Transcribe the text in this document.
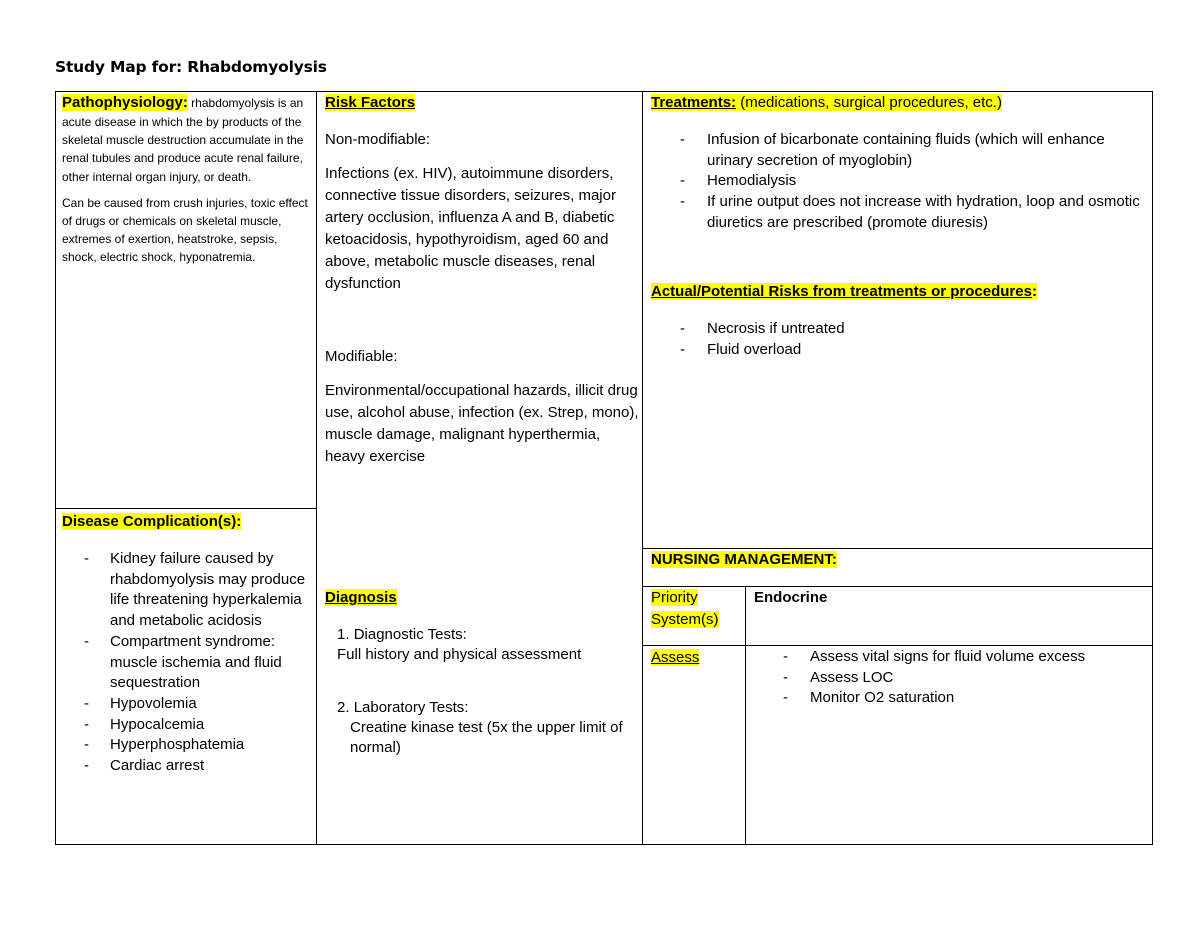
Study Map for: Rhabdomyolysis

Pathophysiology: rhabdomyolysis is an acute disease in which the by products of the skeletal muscle destruction accumulate in the renal tubules and produce acute renal failure, other internal organ injury, or death.

Can be caused from crush injuries, toxic effect of drugs or chemicals on skeletal muscle, extremes of exertion, heatstroke, sepsis, shock, electric shock, hyponatremia.

Disease Complication(s):
- Kidney failure caused by rhabdomyolysis may produce life threatening hyperkalemia and metabolic acidosis
- Compartment syndrome: muscle ischemia and fluid sequestration
- Hypovolemia
- Hypocalcemia
- Hyperphosphatemia
- Cardiac arrest
Risk Factors

Non-modifiable:

Infections (ex. HIV), autoimmune disorders, connective tissue disorders, seizures, major artery occlusion, influenza A and B, diabetic ketoacidosis, hypothyroidism, aged 60 and above, metabolic muscle diseases, renal dysfunction

Modifiable:

Environmental/occupational hazards, illicit drug use, alcohol abuse, infection (ex. Strep, mono), muscle damage, malignant hyperthermia, heavy exercise

Diagnosis
1. Diagnostic Tests:
Full history and physical assessment
2. Laboratory Tests:
Creatine kinase test (5x the upper limit of normal)
Treatments: (medications, surgical procedures, etc.)
- Infusion of bicarbonate containing fluids (which will enhance urinary secretion of myoglobin)
- Hemodialysis
- If urine output does not increase with hydration, loop and osmotic diuretics are prescribed (promote diuresis)
Actual/Potential Risks from treatments or procedures:
- Necrosis if untreated
- Fluid overload
NURSING MANAGEMENT:
Priority System(s)
Endocrine
Assess
-	Assess vital signs for fluid volume excess
- Assess LOC
- Monitor O2 saturation
